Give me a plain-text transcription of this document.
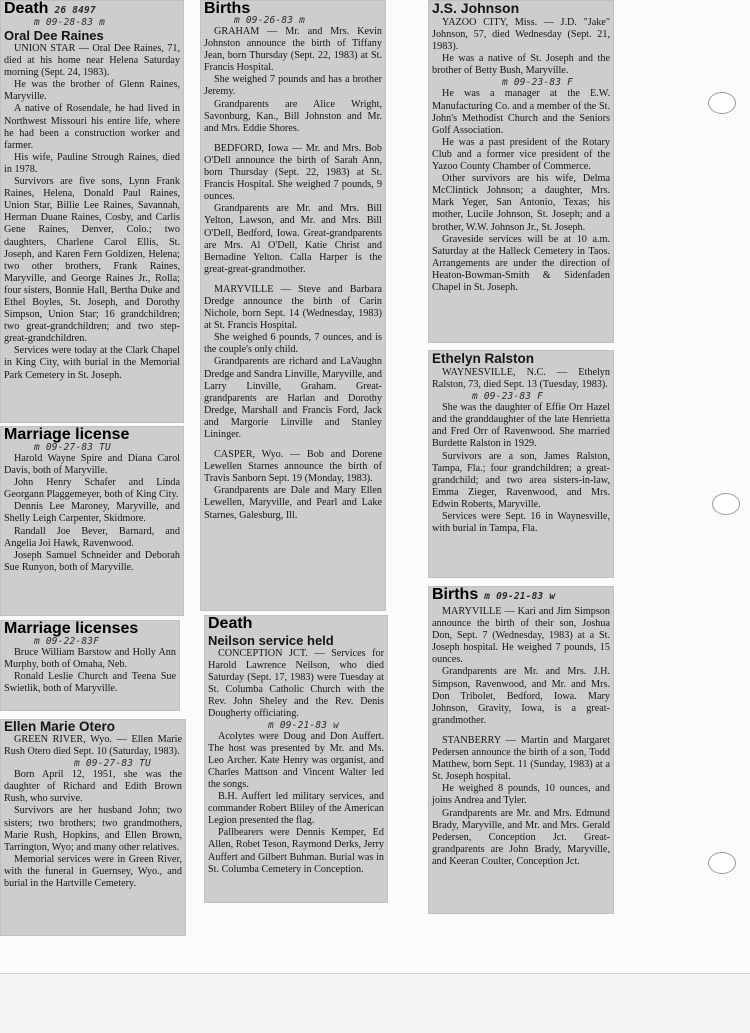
Death 26 8497
m 09-28-83 m
Oral Dee Raines

UNION STAR — Oral Dee Raines, 71, died at his home near Helena Saturday morning (Sept. 24, 1983).

He was the brother of Glenn Raines, Maryville.

A native of Rosendale, he had lived in Northwest Missouri his entire life, where he had been a construction worker and farmer.

His wife, Pauline Strough Raines, died in 1978.

Survivors are five sons, Lynn Frank Raines, Helena, Donald Paul Raines, Union Star, Billie Lee Raines, Savannah, Herman Duane Raines, Cosby, and Carlis Gene Raines, Denver, Colo.; two daughters, Charlene Carol Ellis, St. Joseph, and Karen Fern Goldizen, Helena; two other brothers, Frank Raines, Maryville, and George Raines Jr., Rolla; four sisters, Bonnie Hall, Bertha Duke and Ethel Boyles, St. Joseph, and Dorothy Simpson, Union Star; 16 grandchildren; two great-grandchildren; and two step-great-grandchildren.

Services were today at the Clark Chapel in King City, with burial in the Memorial Park Cemetery in St. Joseph.

Marriage license
m 09-27-83 TU

Harold Wayne Spire and Diana Carol Davis, both of Maryville.

John Henry Schafer and Linda Georgann Plaggemeyer, both of King City.

Dennis Lee Maroney, Maryville, and Shelly Leigh Carpenter, Skidmore.

Randall Joe Bever, Barnard, and Angelia Joi Hawk, Ravenwood.

Joseph Samuel Schneider and Deborah Sue Runyon, both of Maryville.

Marriage licenses
m 09-22-83F

Bruce William Barstow and Holly Ann Murphy, both of Omaha, Neb.

Ronald Leslie Church and Teena Sue Swietlik, both of Maryville.

Ellen Marie Otero

GREEN RIVER, Wyo. — Ellen Marie Rush Otero died Sept. 10 (Saturday, 1983).

m 09-27-83 TU

Born April 12, 1951, she was the daughter of Richard and Edith Brown Rush, who survive.

Survivors are her husband John; two sisters; two brothers; two grandmothers, Marie Rush, Hopkins, and Ellen Brown, Tarrington, Wyo; and many other relatives.

Memorial services were in Green River, with the funeral in Guernsey, Wyo., and burial in the Hartville Cemetery.

Births
m 09-26-83 m

GRAHAM — Mr. and Mrs. Kevin Johnston announce the birth of Tiffany Jean, born Thursday (Sept. 22, 1983) at St. Francis Hospital.

She weighed 7 pounds and has a brother Jeremy.

Grandparents are Alice Wright, Savonburg, Kan., Bill Johnston and Mr. and Mrs. Eddie Shores.

BEDFORD, Iowa — Mr. and Mrs. Bob O'Dell announce the birth of Sarah Ann, born Thursday (Sept. 22, 1983) at St. Francis Hospital. She weighed 7 pounds, 9 ounces.

Grandparents are Mr. and Mrs. Bill Yelton, Lawson, and Mr. and Mrs. Bill O'Dell, Bedford, Iowa. Great-grandparents are Mrs. Al O'Dell, Katie Christ and Bernadine Yelton. Calla Harper is the great-great-grandmother.

MARYVILLE — Steve and Barbara Dredge announce the birth of Carin Nichole, born Sept. 14 (Wednesday, 1983) at St. Francis Hospital.

She weighed 6 pounds, 7 ounces, and is the couple's only child.

Grandparents are richard and LaVaughn Dredge and Sandra Linville, Maryville, and Larry Linville, Graham. Great-grandparents are Harlan and Dorothy Dredge, Marshall and Francis Ford, Jack and Margorie Linville and Stanley Lininger.

CASPER, Wyo. — Bob and Dorene Lewellen Starnes announce the birth of Travis Sanborn Sept. 19 (Monday, 1983).

Grandparents are Dale and Mary Ellen Lewellen, Maryville, and Pearl and Lake Starnes, Galesburg, Ill.

Death
Neilson service held

CONCEPTION JCT. — Services for Harold Lawrence Neilson, who died Saturday (Sept. 17, 1983) were Tuesday at St. Columba Catholic Church with the Rev. John Sheley and the Rev. Denis Dougherty officiating.

m 09-21-83 w

Acolytes were Doug and Don Auffert. The host was presented by Mr. and Ms. Leo Archer. Kate Henry was organist, and Charles Mattson and Vincent Walter led the songs.

B.H. Auffert led military services, and commander Robert Bliley of the American Legion presented the flag.

Pallbearers were Dennis Kemper, Ed Allen, Robet Teson, Raymond Derks, Jerry Auffert and Gilbert Buhman. Burial was in St. Columba Cemetery in Conception.

J.S. Johnson

YAZOO CITY, Miss. — J.D. "Jake" Johnson, 57, died Wednesday (Sept. 21, 1983).

He was a native of St. Joseph and the brother of Betty Bush, Maryville.

m 09-23-83 F

He was a manager at the E.W. Manufacturing Co. and a member of the St. John's Methodist Church and the Seniors Golf Association.

He was a past president of the Rotary Club and a former vice president of the Yazoo County Chamber of Commerce.

Other survivors are his wife, Delma McClintick Johnson; a daughter, Mrs. Mark Yeger, San Antonio, Texas; his mother, Lucile Johnson, St. Joseph; and a brother, W.W. Johnson Jr., St. Joseph.

Graveside services will be at 10 a.m. Saturday at the Halleck Cemetery in Taos. Arrangements are under the direction of Heaton-Bowman-Smith & Sidenfaden Chapel in St. Joseph.

Ethelyn Ralston

WAYNESVILLE, N.C. — Ethelyn Ralston, 73, died Sept. 13 (Tuesday, 1983).

m 09-23-83 F

She was the daughter of Effie Orr Hazel and the granddaughter of the late Henrietta and Fred Orr of Ravenwood. She married Burdette Ralston in 1929.

Survivors are a son, James Ralston, Tampa, Fla.; four grandchildren; a great-grandchild; and two area sisters-in-law, Emma Zieger, Ravenwood, and Mrs. Edwin Roberts, Maryville.

Services were Sept. 16 in Waynesville, with burial in Tampa, Fla.

Births m 09-21-83 w

MARYVILLE — Kari and Jim Simpson announce the birth of their son, Joshua Don, Sept. 7 (Wednesday, 1983) at a St. Joseph hospital. He weighed 7 pounds, 15 ounces.

Grandparents are Mr. and Mrs. J.H. Simpson, Ravenwood, and Mr. and Mrs. Don Tribolet, Bedford, Iowa. Mary Johnson, Gravity, Iowa, is a great-grandmother.

STANBERRY — Martin and Margaret Pedersen announce the birth of a son, Todd Matthew, born Sept. 11 (Sunday, 1983) at a St. Joseph hospital.

He weighed 8 pounds, 10 ounces, and joins Andrea and Tyler.

Grandparents are Mr. and Mrs. Edmund Brady, Maryville, and Mr. and Mrs. Gerald Pedersen, Conception Jct. Great-grandparents are John Brady, Maryville, and Keeran Coulter, Conception Jct.
